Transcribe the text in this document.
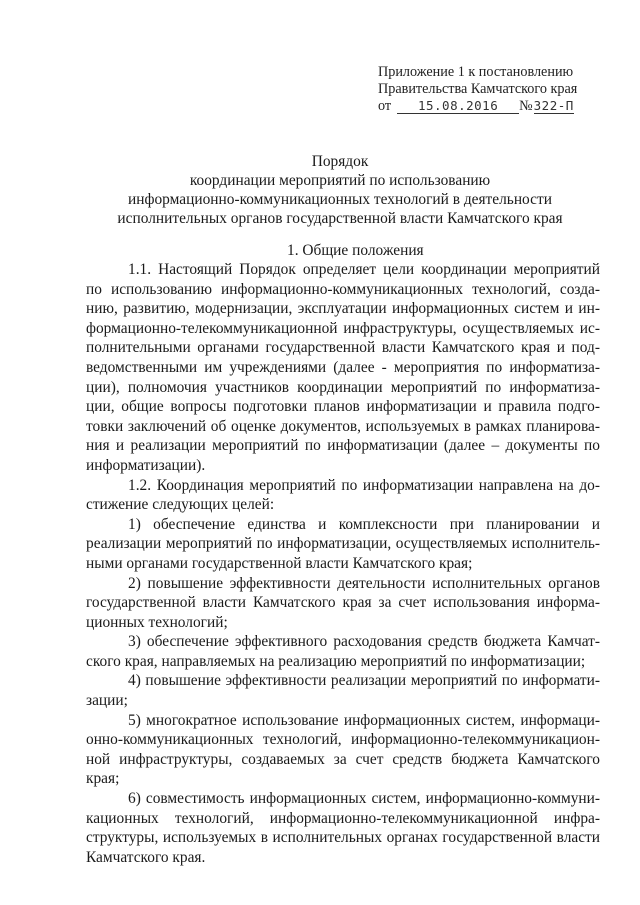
Приложение 1 к постановлению
Правительства Камчатского края
от 15.08.2016 №322-П
Порядок
координации мероприятий по использованию
информационно-коммуникационных технологий в деятельности
исполнительных органов государственной власти Камчатского края
1. Общие положения
1.1. Настоящий Порядок определяет цели координации мероприятий
по использованию информационно-коммуникационных технологий, созда-
нию, развитию, модернизации, эксплуатации информационных систем и ин-
формационно-телекоммуникационной инфраструктуры, осуществляемых ис-
полнительными органами государственной власти Камчатского края и под-
ведомственными им учреждениями (далее - мероприятия по информатиза-
ции), полномочия участников координации мероприятий по информатиза-
ции, общие вопросы подготовки планов информатизации и правила подго-
товки заключений об оценке документов, используемых в рамках планирова-
ния и реализации мероприятий по информатизации (далее – документы по
информатизации).
1.2. Координация мероприятий по информатизации направлена на до-
стижение следующих целей:
1) обеспечение единства и комплексности при планировании и
реализации мероприятий по информатизации, осуществляемых исполнитель-
ными органами государственной власти Камчатского края;
2) повышение эффективности деятельности исполнительных органов
государственной власти Камчатского края за счет использования информа-
ционных технологий;
3) обеспечение эффективного расходования средств бюджета Камчат-
ского края, направляемых на реализацию мероприятий по информатизации;
4) повышение эффективности реализации мероприятий по информати-
зации;
5) многократное использование информационных систем, информаци-
онно-коммуникационных технологий, информационно-телекоммуникацион-
ной инфраструктуры, создаваемых за счет средств бюджета Камчатского
края;
6) совместимость информационных систем, информационно-коммуни-
кационных технологий, информационно-телекоммуникационной инфра-
структуры, используемых в исполнительных органах государственной власти
Камчатского края.
